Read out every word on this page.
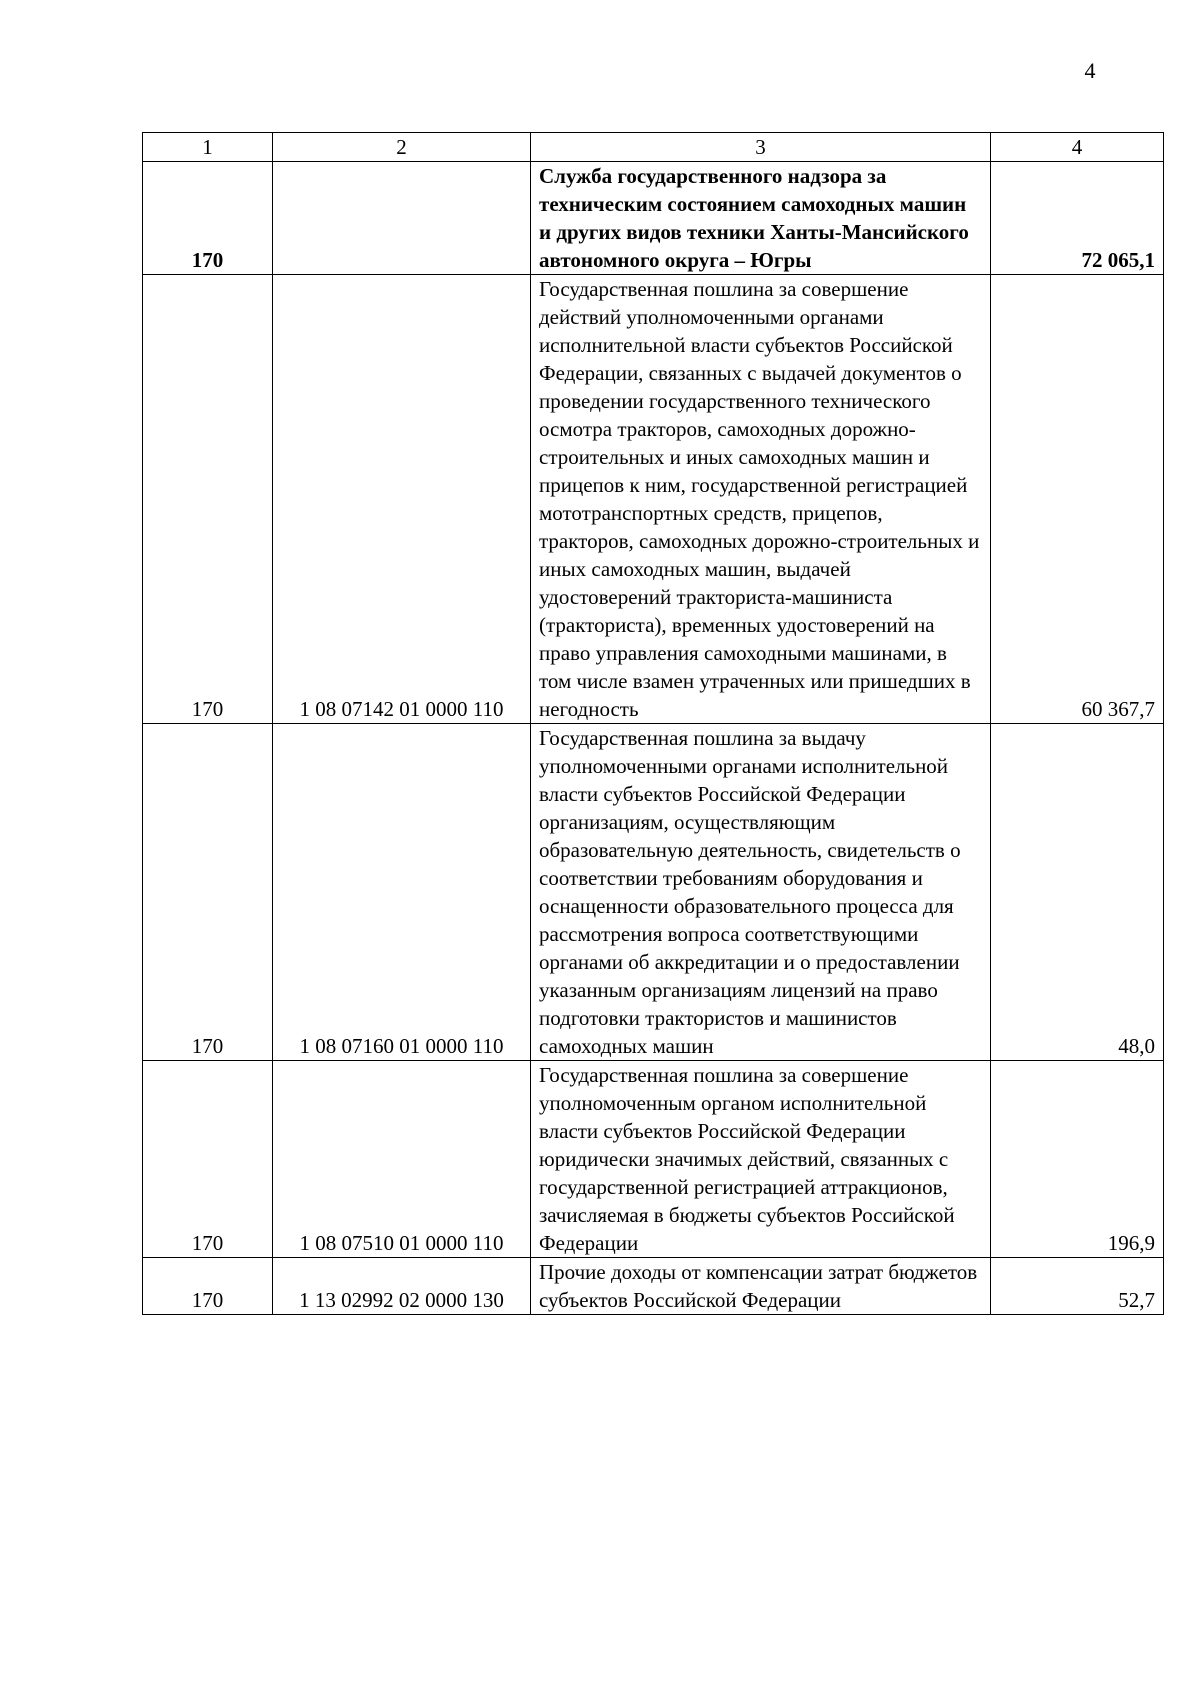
4
1	2	3	4
170		Служба государственного надзора за техническим состоянием самоходных машин и других видов техники Ханты-Мансийского автономного округа – Югры	72 065,1
170	1 08 07142 01 0000 110	Государственная пошлина за совершение действий уполномоченными органами исполнительной власти субъектов Российской Федерации, связанных с выдачей документов о проведении государственного технического осмотра тракторов, самоходных дорожно-строительных и иных самоходных машин и прицепов к ним, государственной регистрацией мототранспортных средств, прицепов, тракторов, самоходных дорожно-строительных и иных самоходных машин, выдачей удостоверений тракториста-машиниста (тракториста), временных удостоверений на право управления самоходными машинами, в том числе взамен утраченных или пришедших в негодность	60 367,7
170	1 08 07160 01 0000 110	Государственная пошлина за выдачу уполномоченными органами исполнительной власти субъектов Российской Федерации организациям, осуществляющим образовательную деятельность, свидетельств о соответствии требованиям оборудования и оснащенности образовательного процесса для рассмотрения вопроса соответствующими органами об аккредитации и о предоставлении указанным организациям лицензий на право подготовки трактористов и машинистов самоходных машин	48,0
170	1 08 07510 01 0000 110	Государственная пошлина за совершение уполномоченным органом исполнительной власти субъектов Российской Федерации юридически значимых действий, связанных с государственной регистрацией аттракционов, зачисляемая в бюджеты субъектов Российской Федерации	196,9
170	1 13 02992 02 0000 130	Прочие доходы от компенсации затрат бюджетов субъектов Российской Федерации	52,7
